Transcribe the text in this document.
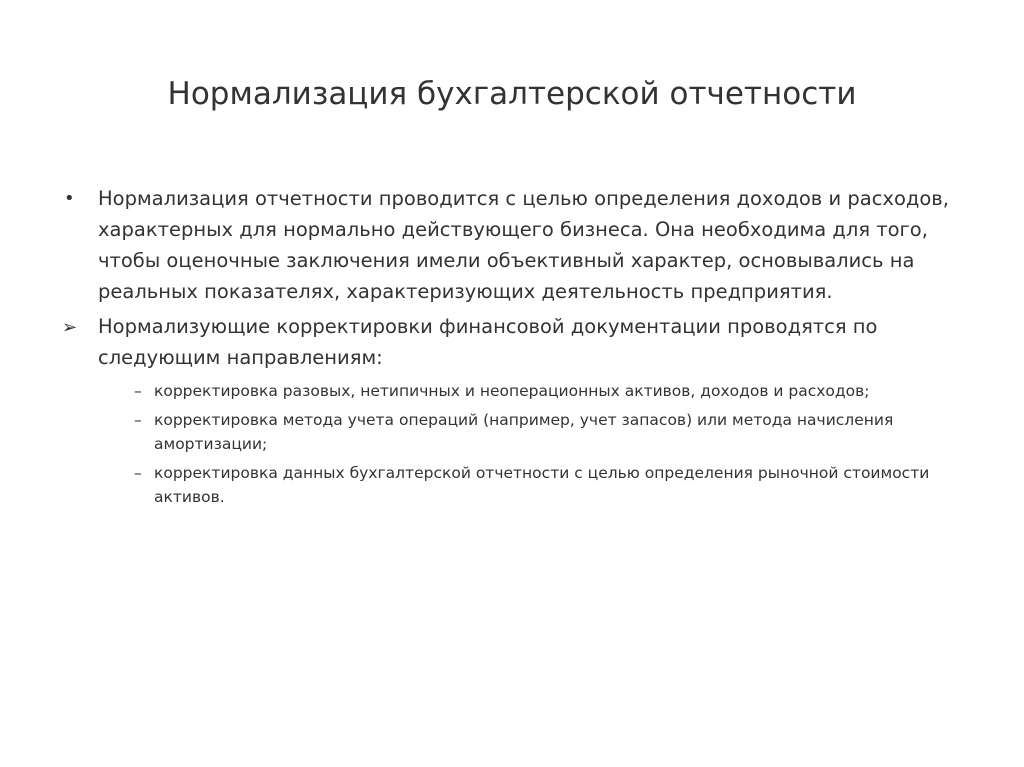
Нормализация бухгалтерской отчетности
•	Нормализация отчетности проводится с целью определения доходов и расходов, характерных для нормально действующего бизнеса. Она необходима для того, чтобы оценочные заключения имели объективный характер, основывались на реальных показателях, характеризующих деятельность предприятия.
➢	Нормализующие корректировки финансовой документации проводятся по следующим направлениям:
– корректировка разовых, нетипичных и неоперационных активов, доходов и расходов;
– корректировка метода учета операций (например, учет запасов) или метода начисления амортизации;
– корректировка данных бухгалтерской отчетности с целью определения рыночной стоимости активов.
